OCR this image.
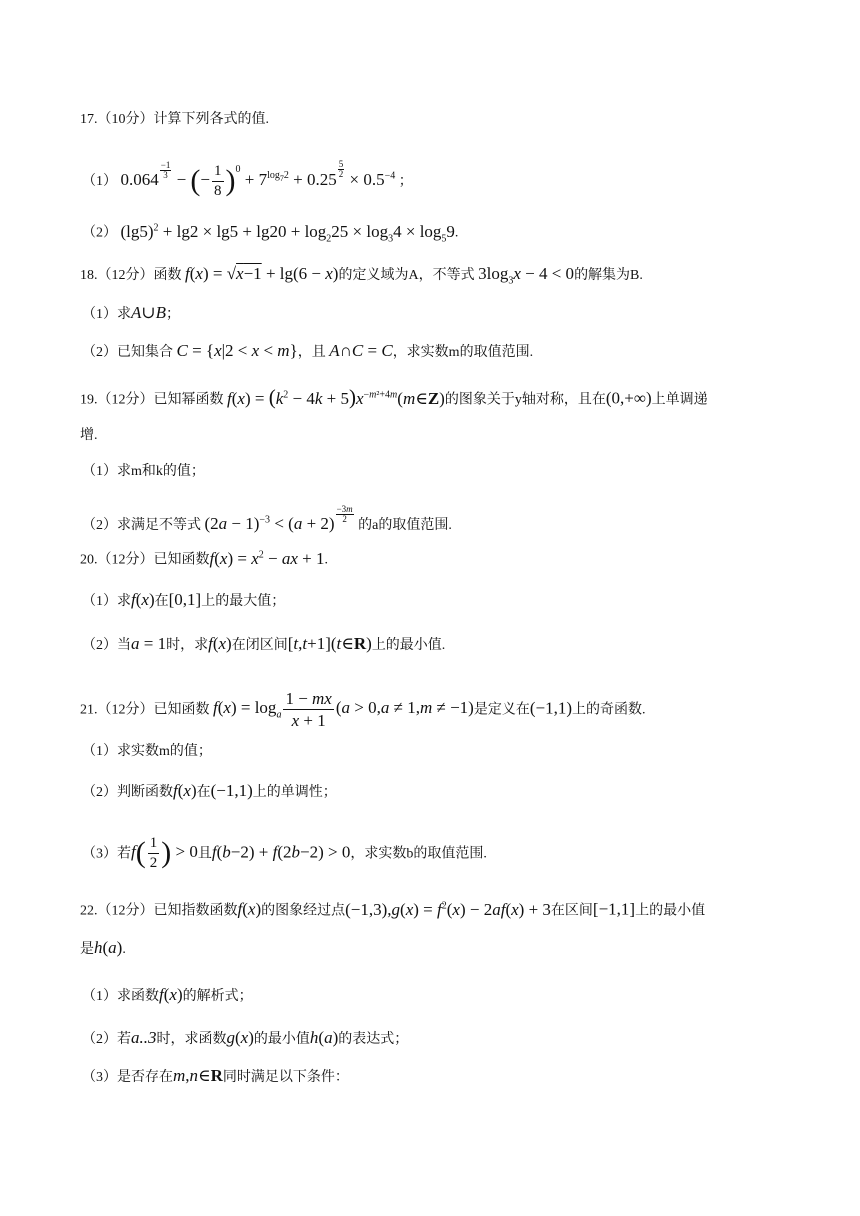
17.（10分）计算下列各式的值.
（1） $0.064 \frac{-1}{3}$ − (− $\frac{1}{8} )^0 + 7^{log_72} + 0.25$
$\frac{5}{2}$
× $0.5^{-4}$ ；
（2） $(\lg 5)^2 + \lg 2 \times \lg 5 + \lg 20 + \log_225 \times \log_34 \times \log_59$.
18.（12分）函数 f(x) = √x−1 + lg(6 − x)的定义域为A，不等式 $3\log_3x - 4 < 0$的解集为B.
（1）求A∪B；
（2）已知集合 C = {x|2 < x < m}，且 A∩C = C，求实数m的取值范围.
19.（12分）已知幂函数 $f(x) = (k^2 - 4k$ + $5)x^{-m^2+4m}(m\in Z)$的图象关于y轴对称，且在(0,+∞)上单调递
增.
（1）求m和k的值；
（2）求满足不等式 $(2a - 1)^{-3} < (a + 2) \frac{-3m}{2}$
的a的取值范围.
20.（12分）已知函数$f(x) = x^2$ − ax + 1.
（1）求f(x)在[0,1]上的最大值；
（2）当a = 1时，求f(x)在闭区间[t,t+1](t∈R)上的最小值.
21.（12分）已知函数 $f(x) = \log_a \frac{1 - mx}{x + 1} (a > 0,a \ne 1,m \ne -1)$是定义在(−1,1)上的奇函数.
（1）求实数m的值；
（2）判断函数f(x)在(−1,1)上的单调性；
（3）若$f( \frac{1}{2}$ ) > 0且f(b−2) + f(2b−2) > 0，求实数b的取值范围.
22.（12分）已知指数函数f(x)的图象经过点$(-1,3),g(x) = f^2(x) - 2af(x) + 3$在区间[−1,1]上的最小值
是h(a).
（1）求函数f(x)的解析式；
（2）若a..3时，求函数g(x)的最小值h(a)的表达式；
（3）是否存在m,n∈R同时满足以下条件：
